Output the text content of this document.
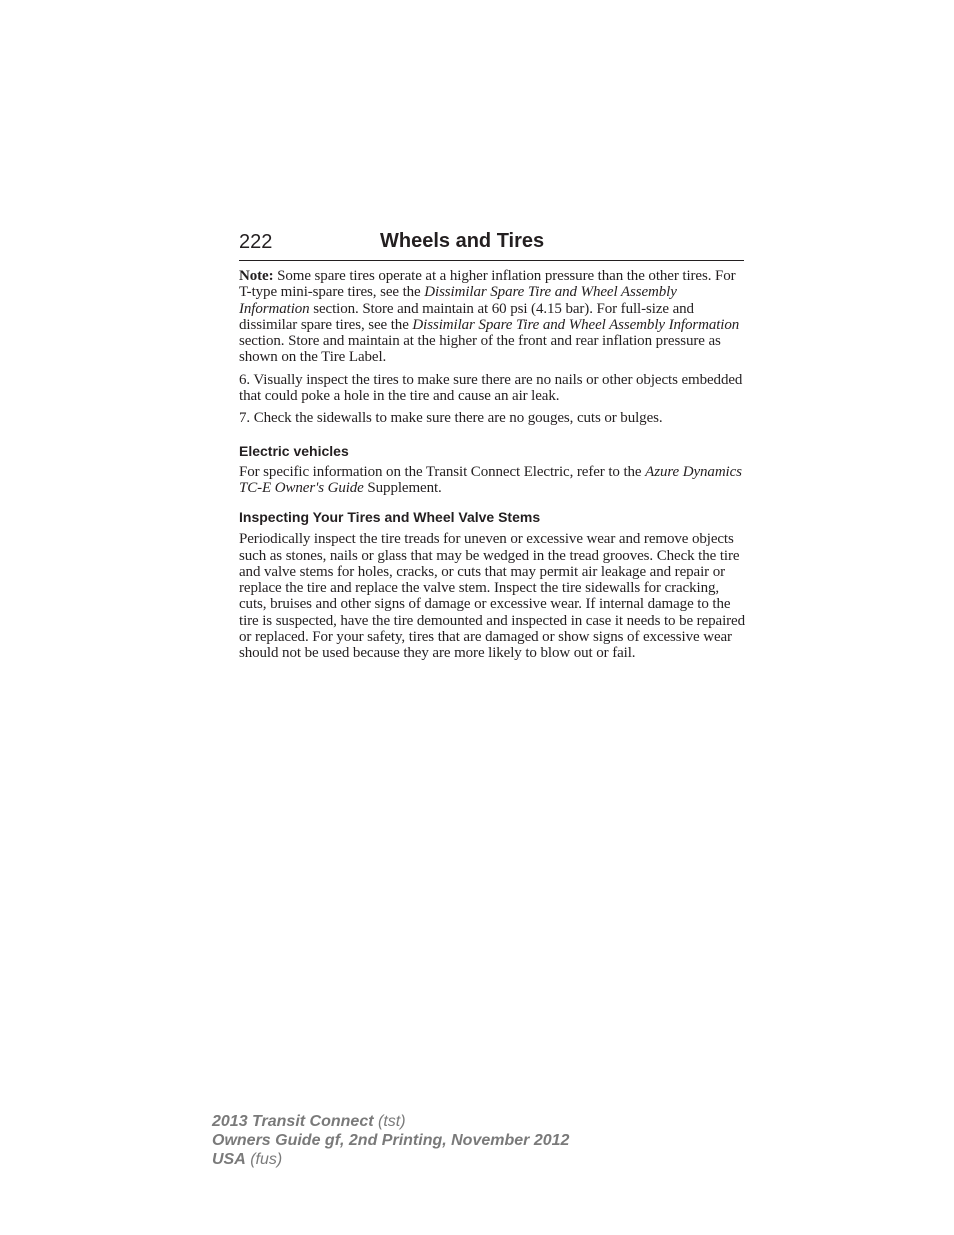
222	Wheels and Tires

Note: Some spare tires operate at a higher inflation pressure than the other tires. For T-type mini-spare tires, see the Dissimilar Spare Tire and Wheel Assembly Information section. Store and maintain at 60 psi (4.15 bar). For full-size and dissimilar spare tires, see the Dissimilar Spare Tire and Wheel Assembly Information section. Store and maintain at the higher of the front and rear inflation pressure as shown on the Tire Label.

6. Visually inspect the tires to make sure there are no nails or other objects embedded that could poke a hole in the tire and cause an air leak.

7. Check the sidewalls to make sure there are no gouges, cuts or bulges.

Electric vehicles

For specific information on the Transit Connect Electric, refer to the Azure Dynamics TC-E Owner's Guide Supplement.

Inspecting Your Tires and Wheel Valve Stems

Periodically inspect the tire treads for uneven or excessive wear and remove objects such as stones, nails or glass that may be wedged in the tread grooves. Check the tire and valve stems for holes, cracks, or cuts that may permit air leakage and repair or replace the tire and replace the valve stem. Inspect the tire sidewalls for cracking, cuts, bruises and other signs of damage or excessive wear. If internal damage to the tire is suspected, have the tire demounted and inspected in case it needs to be repaired or replaced. For your safety, tires that are damaged or show signs of excessive wear should not be used because they are more likely to blow out or fail.

2013 Transit Connect (tst)
Owners Guide gf, 2nd Printing, November 2012
USA (fus)
